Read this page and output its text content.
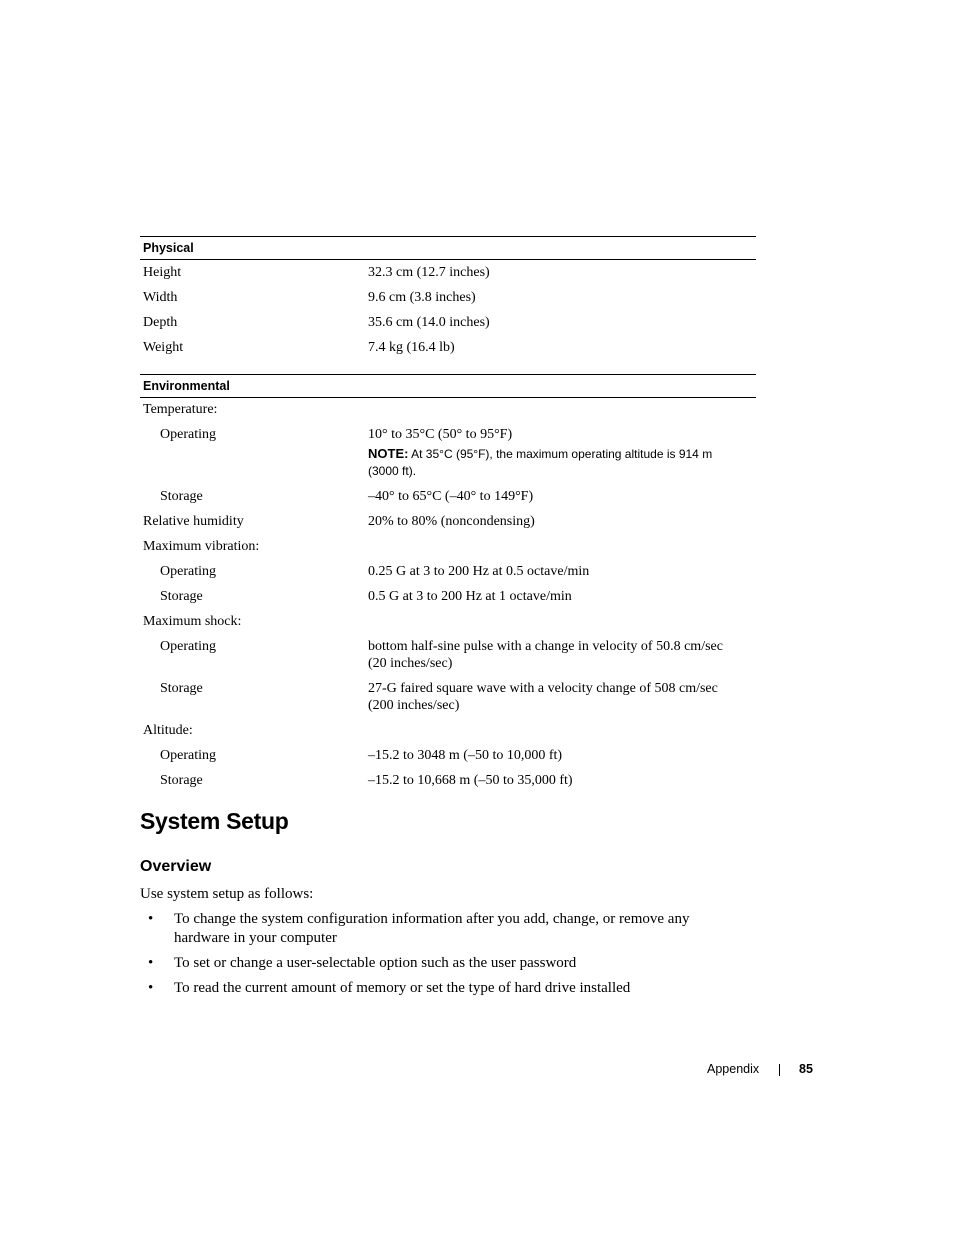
Physical
Height	32.3 cm (12.7 inches)
Width	9.6 cm (3.8 inches)
Depth	35.6 cm (14.0 inches)
Weight	7.4 kg (16.4 lb)
Environmental
Temperature:
Operating	10° to 35°C (50° to 95°F)
NOTE: At 35°C (95°F), the maximum operating altitude is 914 m
(3000 ft).
Storage	–40° to 65°C (–40° to 149°F)
Relative humidity	20% to 80% (noncondensing)
Maximum vibration:
Operating	0.25 G at 3 to 200 Hz at 0.5 octave/min
Storage	0.5 G at 3 to 200 Hz at 1 octave/min
Maximum shock:
Operating	bottom half-sine pulse with a change in velocity of 50.8 cm/sec
(20 inches/sec)
Storage	27-G faired square wave with a velocity change of 508 cm/sec
(200 inches/sec)
Altitude:
Operating	–15.2 to 3048 m (–50 to 10,000 ft)
Storage	–15.2 to 10,668 m (–50 to 35,000 ft)
System Setup
Overview
Use system setup as follows:
• To change the system configuration information after you add, change, or remove any
hardware in your computer
• To set or change a user-selectable option such as the user password
• To read the current amount of memory or set the type of hard drive installed
Appendix	85
